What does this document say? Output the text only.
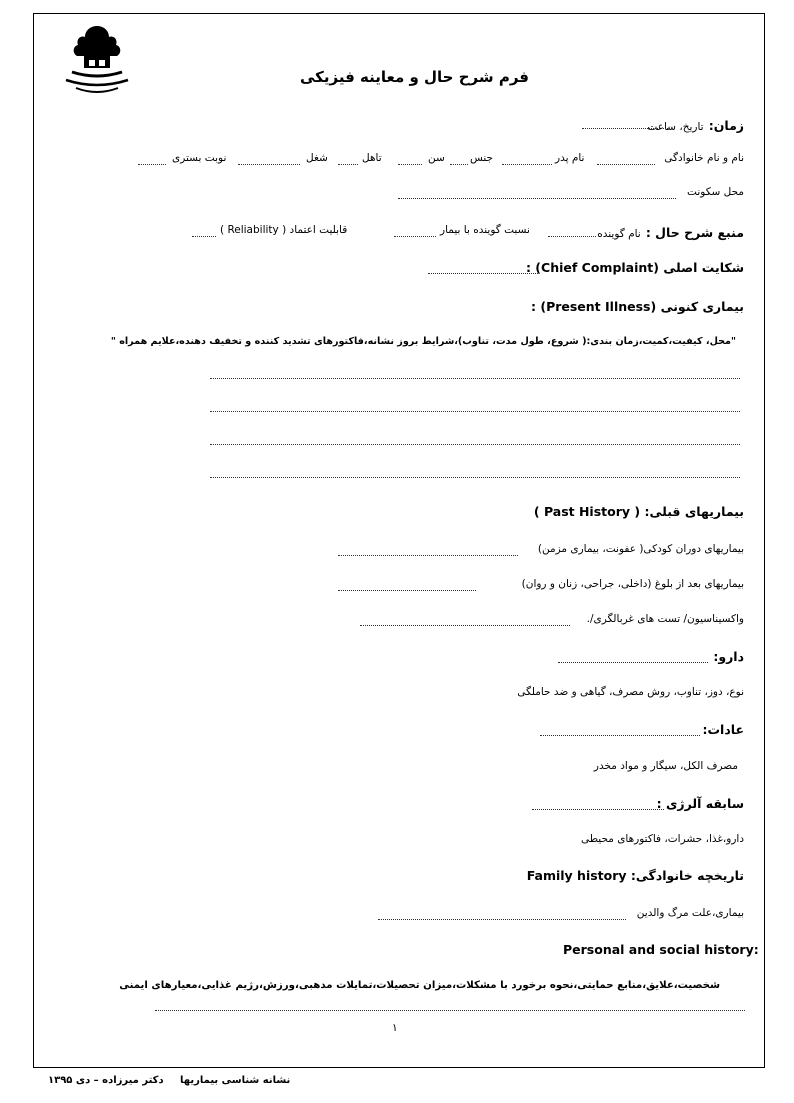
فرم شرح حال و معاینه فیزیکی
زمان: تاریخ، ساعت
نام و نام خانوادگی
نام پدر
جنس
سن
تاهل
شغل
نوبت بستری
محل سکونت
منبع شرح حال : نام گوینده
نسبت گوینده با بیمار
قابلیت اعتماد ( Reliability )
شکایت اصلی (Chief Complaint) :
بیماری کنونی (Present Illness) :
"محل، کیفیت،کمیت،زمان بندی:( شروع، طول مدت، تناوب)،شرایط بروز نشانه،فاکتورهای تشدید کننده و تخفیف دهنده،علایم همراه "
بیماریهای قبلی: ( Past History )
بیماریهای دوران کودکی( عفونت، بیماری مزمن)
بیماریهای بعد از بلوغ (داخلی، جراحی، زنان و روان)
واکسیناسیون/ تست های غربالگری/.
دارو:
نوع، دوز، تناوب، روش مصرف، گیاهی و ضد حاملگی
عادات:
مصرف الکل، سیگار و مواد مخدر
سابقه آلرژی :
دارو،غذا، حشرات، فاکتورهای محیطی
تاریخچه خانوادگی: Family history
بیماری،علت مرگ والدین
Personal and social history:
شخصیت،علایق،منابع حمایتی،نحوه برخورد با مشکلات،میزان تحصیلات،تمایلات مدهبی،ورزش،رژیم غذایی،معیارهای ایمنی
۱
نشانه شناسی بیماریها
دکتر میرزاده – دی ۱۳۹۵
